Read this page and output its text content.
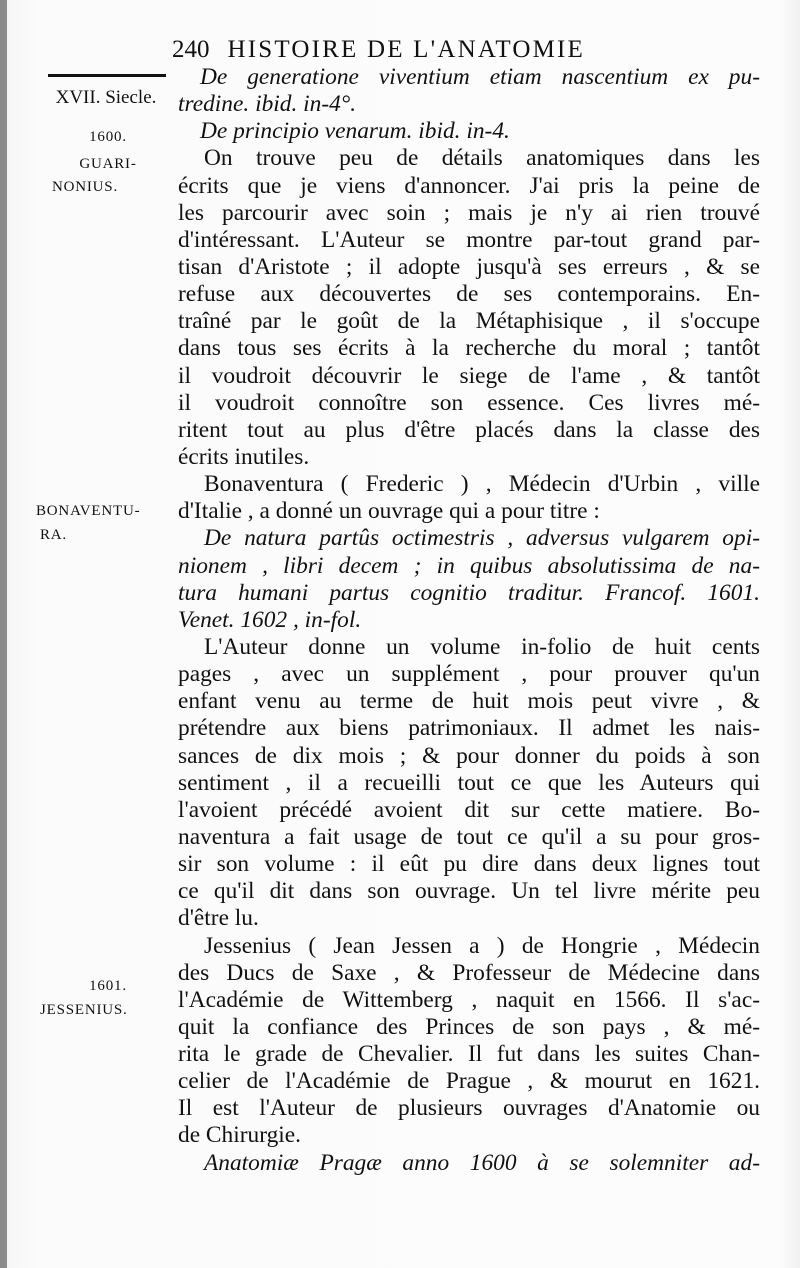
240 HISTOIRE DE L'ANATOMIE
XVII. Siecle.
1600.
GUARI-
NONIUS.
BONAVENTU-
RA.
1601.
JESSENIUS.
De generatione viventium etiam nascentium ex pu-
tredine. ibid. in-4°.
De principio venarum. ibid. in-4.
On trouve peu de détails anatomiques dans les
écrits que je viens d'annoncer. J'ai pris la peine de
les parcourir avec soin ; mais je n'y ai rien trouvé
d'intéressant. L'Auteur se montre par-tout grand par-
tisan d'Aristote ; il adopte jusqu'à ses erreurs , & se
refuse aux découvertes de ses contemporains. En-
traîné par le goût de la Métaphisique , il s'occupe
dans tous ses écrits à la recherche du moral ; tantôt
il voudroit découvrir le siege de l'ame , & tantôt
il voudroit connoître son essence. Ces livres mé-
ritent tout au plus d'être placés dans la classe des
écrits inutiles.
Bonaventura ( Frederic ) , Médecin d'Urbin , ville
d'Italie , a donné un ouvrage qui a pour titre :
De natura partûs octimestris , adversus vulgarem opi-
nionem , libri decem ; in quibus absolutissima de na-
tura humani partus cognitio traditur. Francof. 1601.
Venet. 1602 , in-fol.
L'Auteur donne un volume in-folio de huit cents
pages , avec un supplément , pour prouver qu'un
enfant venu au terme de huit mois peut vivre , &
prétendre aux biens patrimoniaux. Il admet les nais-
sances de dix mois ; & pour donner du poids à son
sentiment , il a recueilli tout ce que les Auteurs qui
l'avoient précédé avoient dit sur cette matiere. Bo-
naventura a fait usage de tout ce qu'il a su pour gros-
sir son volume : il eût pu dire dans deux lignes tout
ce qu'il dit dans son ouvrage. Un tel livre mérite peu
d'être lu.
Jessenius ( Jean Jessen a ) de Hongrie , Médecin
des Ducs de Saxe , & Professeur de Médecine dans
l'Académie de Wittemberg , naquit en 1566. Il s'ac-
quit la confiance des Princes de son pays , & mé-
rita le grade de Chevalier. Il fut dans les suites Chan-
celier de l'Académie de Prague , & mourut en 1621.
Il est l'Auteur de plusieurs ouvrages d'Anatomie ou
de Chirurgie.
Anatomiæ Pragæ anno 1600 à se solemniter ad-
